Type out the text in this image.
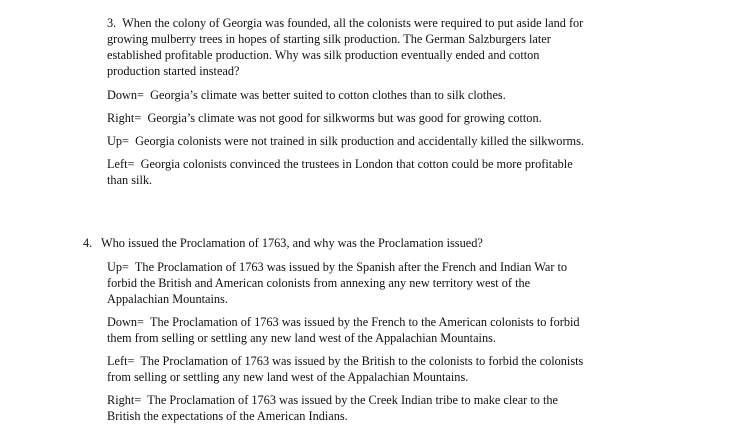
3. When the colony of Georgia was founded, all the colonists were required to put aside land for growing mulberry trees in hopes of starting silk production. The German Salzburgers later established profitable production. Why was silk production eventually ended and cotton production started instead?

Down= Georgia’s climate was better suited to cotton clothes than to silk clothes.

Right= Georgia’s climate was not good for silkworms but was good for growing cotton.

Up= Georgia colonists were not trained in silk production and accidentally killed the silkworms.

Left= Georgia colonists convinced the trustees in London that cotton could be more profitable than silk.

4. Who issued the Proclamation of 1763, and why was the Proclamation issued?

Up= The Proclamation of 1763 was issued by the Spanish after the French and Indian War to forbid the British and American colonists from annexing any new territory west of the Appalachian Mountains.

Down= The Proclamation of 1763 was issued by the French to the American colonists to forbid them from selling or settling any new land west of the Appalachian Mountains.

Left= The Proclamation of 1763 was issued by the British to the colonists to forbid the colonists from selling or settling any new land west of the Appalachian Mountains.

Right= The Proclamation of 1763 was issued by the Creek Indian tribe to make clear to the British the expectations of the American Indians.
